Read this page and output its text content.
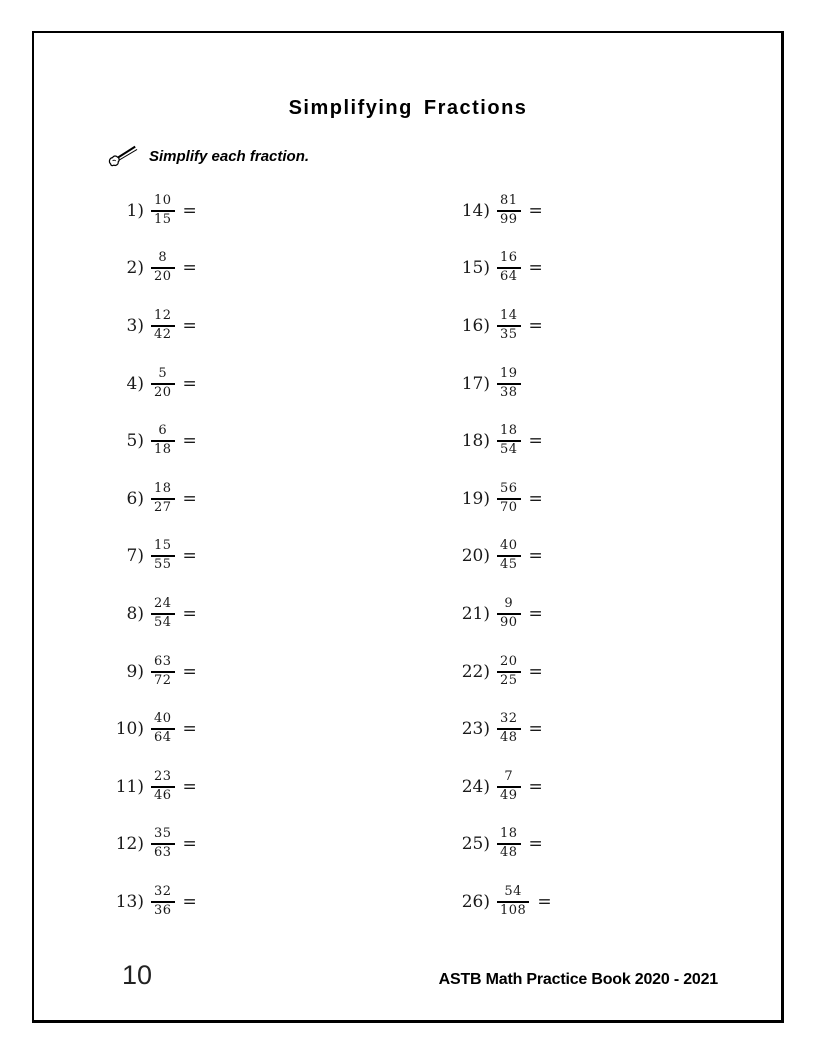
Simplifying Fractions
Simplify each fraction.
$1) \frac{10}{15}$ =
$2) \frac{8}{20}$ =
$3) \frac{12}{42}$ =
$4) \frac{5}{20}$ =
$5) \frac{6}{18}$ =
$6) \frac{18}{27}$ =
$7) \frac{15}{55}$ =
$8) \frac{24}{54}$ =
$9) \frac{63}{72}$ =
$10) \frac{40}{64}$ =
$11) \frac{23}{46}$ =
$12) \frac{35}{63}$ =
$13) \frac{32}{36}$ =
$14) \frac{81}{99}$ =
$15) \frac{16}{64}$ =
$16) \frac{14}{35}$ =
$17) \frac{19}{38}$
$18) \frac{18}{54}$ =
$19) \frac{56}{70}$ =
$20) \frac{40}{45}$ =
$21) \frac{9}{90}$ =
$22) \frac{20}{25}$ =
$23) \frac{32}{48}$ =
$24) \frac{7}{49}$ =
$25) \frac{18}{48}$ =
$26) \frac{54}{108}$ =
10	ASTB Math Practice Book 2020 - 2021
